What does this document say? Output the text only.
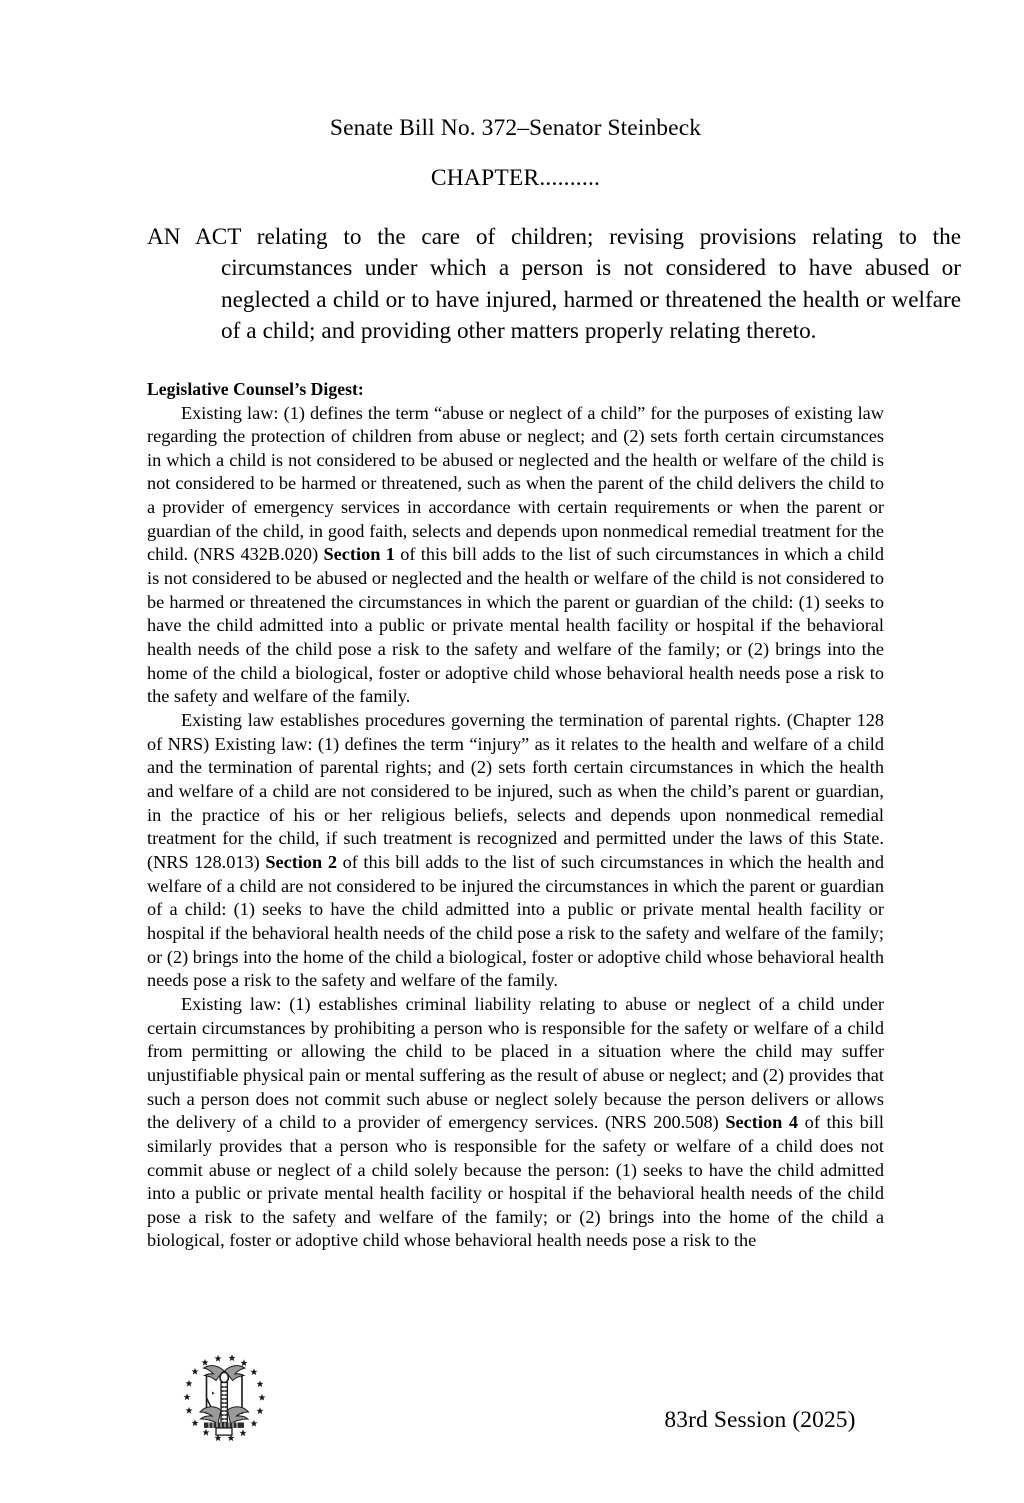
Senate Bill No. 372–Senator Steinbeck
CHAPTER..........
AN ACT relating to the care of children; revising provisions relating to the circumstances under which a person is not considered to have abused or neglected a child or to have injured, harmed or threatened the health or welfare of a child; and providing other matters properly relating thereto.
Legislative Counsel’s Digest:

Existing law: (1) defines the term “abuse or neglect of a child” for the purposes of existing law regarding the protection of children from abuse or neglect; and (2) sets forth certain circumstances in which a child is not considered to be abused or neglected and the health or welfare of the child is not considered to be harmed or threatened, such as when the parent of the child delivers the child to a provider of emergency services in accordance with certain requirements or when the parent or guardian of the child, in good faith, selects and depends upon nonmedical remedial treatment for the child. (NRS 432B.020) Section 1 of this bill adds to the list of such circumstances in which a child is not considered to be abused or neglected and the health or welfare of the child is not considered to be harmed or threatened the circumstances in which the parent or guardian of the child: (1) seeks to have the child admitted into a public or private mental health facility or hospital if the behavioral health needs of the child pose a risk to the safety and welfare of the family; or (2) brings into the home of the child a biological, foster or adoptive child whose behavioral health needs pose a risk to the safety and welfare of the family.

Existing law establishes procedures governing the termination of parental rights. (Chapter 128 of NRS) Existing law: (1) defines the term “injury” as it relates to the health and welfare of a child and the termination of parental rights; and (2) sets forth certain circumstances in which the health and welfare of a child are not considered to be injured, such as when the child’s parent or guardian, in the practice of his or her religious beliefs, selects and depends upon nonmedical remedial treatment for the child, if such treatment is recognized and permitted under the laws of this State. (NRS 128.013) Section 2 of this bill adds to the list of such circumstances in which the health and welfare of a child are not considered to be injured the circumstances in which the parent or guardian of a child: (1) seeks to have the child admitted into a public or private mental health facility or hospital if the behavioral health needs of the child pose a risk to the safety and welfare of the family; or (2) brings into the home of the child a biological, foster or adoptive child whose behavioral health needs pose a risk to the safety and welfare of the family.

Existing law: (1) establishes criminal liability relating to abuse or neglect of a child under certain circumstances by prohibiting a person who is responsible for the safety or welfare of a child from permitting or allowing the child to be placed in a situation where the child may suffer unjustifiable physical pain or mental suffering as the result of abuse or neglect; and (2) provides that such a person does not commit such abuse or neglect solely because the person delivers or allows the delivery of a child to a provider of emergency services. (NRS 200.508) Section 4 of this bill similarly provides that a person who is responsible for the safety or welfare of a child does not commit abuse or neglect of a child solely because the person: (1) seeks to have the child admitted into a public or private mental health facility or hospital if the behavioral health needs of the child pose a risk to the safety and welfare of the family; or (2) brings into the home of the child a biological, foster or adoptive child whose behavioral health needs pose a risk to the

83rd Session (2025)
